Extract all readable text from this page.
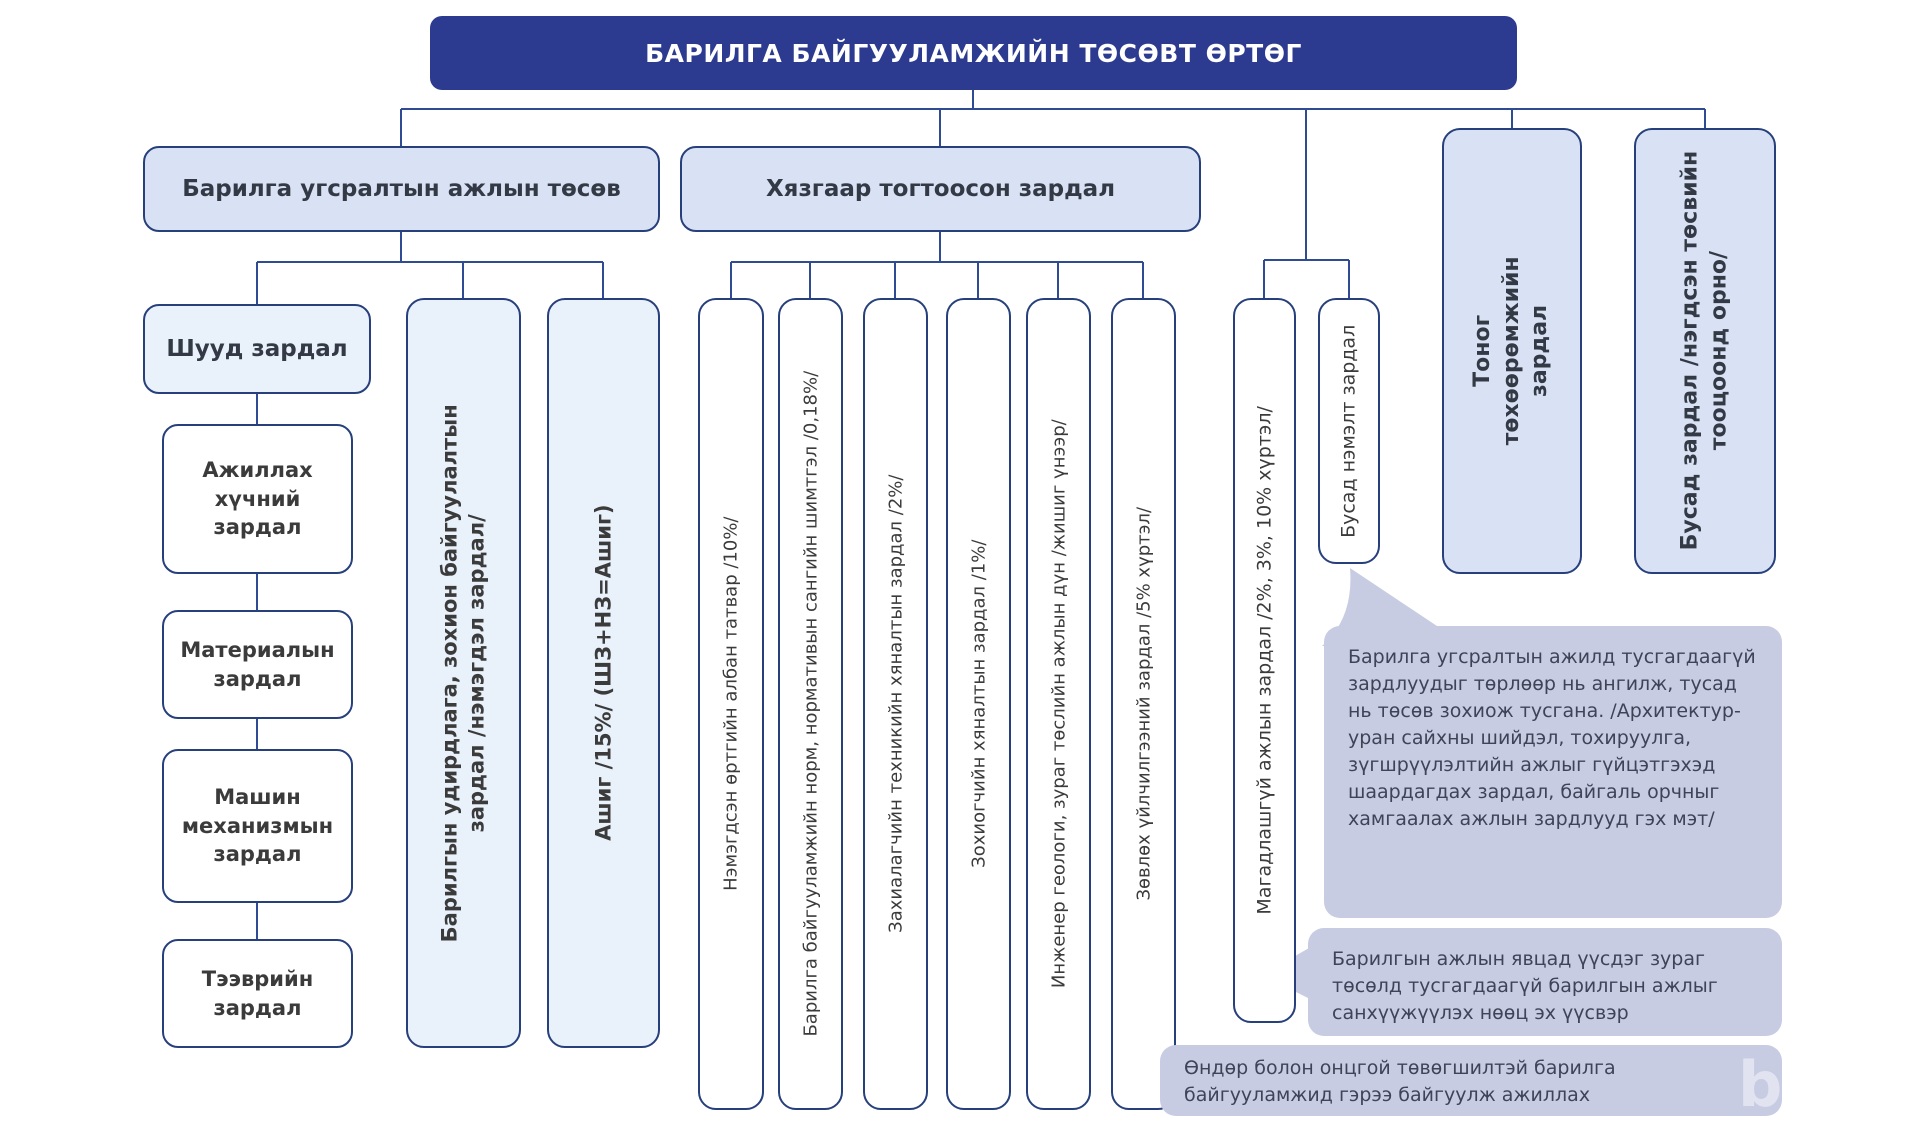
БАРИЛГА БАЙГУУЛАМЖИЙН ТӨСӨВТ ӨРТӨГ
Барилга угсралтын ажлын төсөв	Хязгаар тогтоосон зардал
Тоног төхөөрөмжийн зардал	Бусад зардал /нэгдсэн төсвийн тооцоонд орно/
Шууд зардал
Ажиллах хүчний зардал
Материалын зардал
Машин механизмын зардал
Тээврийн зардал
Барилгын удирдлага, зохион байгуулалтын зардал /нэмэгдэл зардал/	Ашиг /15%/ (ШЗ+НЗ=Ашиг)	Нэмэгдсэн өртгийн албан татвар /10%/	Барилга байгууламжийн норм, нормативын сангийн шимтгэл /0,18%/	Захиалагчийн техникийн хяналтын зардал /2%/	Зохиогчийн хяналтын зардал /1%/	Инженер геологи, зураг төслийн ажлын дүн /жишиг үнээр/	Зөвлөх үйлчилгээний зардал /5% хүртэл/	Магадлашгүй ажлын зардал /2%, 3%, 10% хүртэл/	Бусад нэмэлт зардал
Барилга угсралтын ажилд тусгагдаагүй зардлуудыг төрлөөр нь ангилж, тусад нь төсөв зохиож тусгана. /Архитектур-уран сайхны шийдэл, тохируулга, зүгшрүүлэлтийн ажлыг гүйцэтгэхэд шаардагдах зардал, байгаль орчныг хамгаалах ажлын зардлууд гэх мэт/
Барилгын ажлын явцад үүсдэг зураг төсөлд тусгагдаагүй барилгын ажлыг санхүүжүүлэх нөөц эх үүсвэр
Өндөр болон онцгой төвөгшилтэй барилга байгууламжид гэрээ байгуулж ажиллах	ba
